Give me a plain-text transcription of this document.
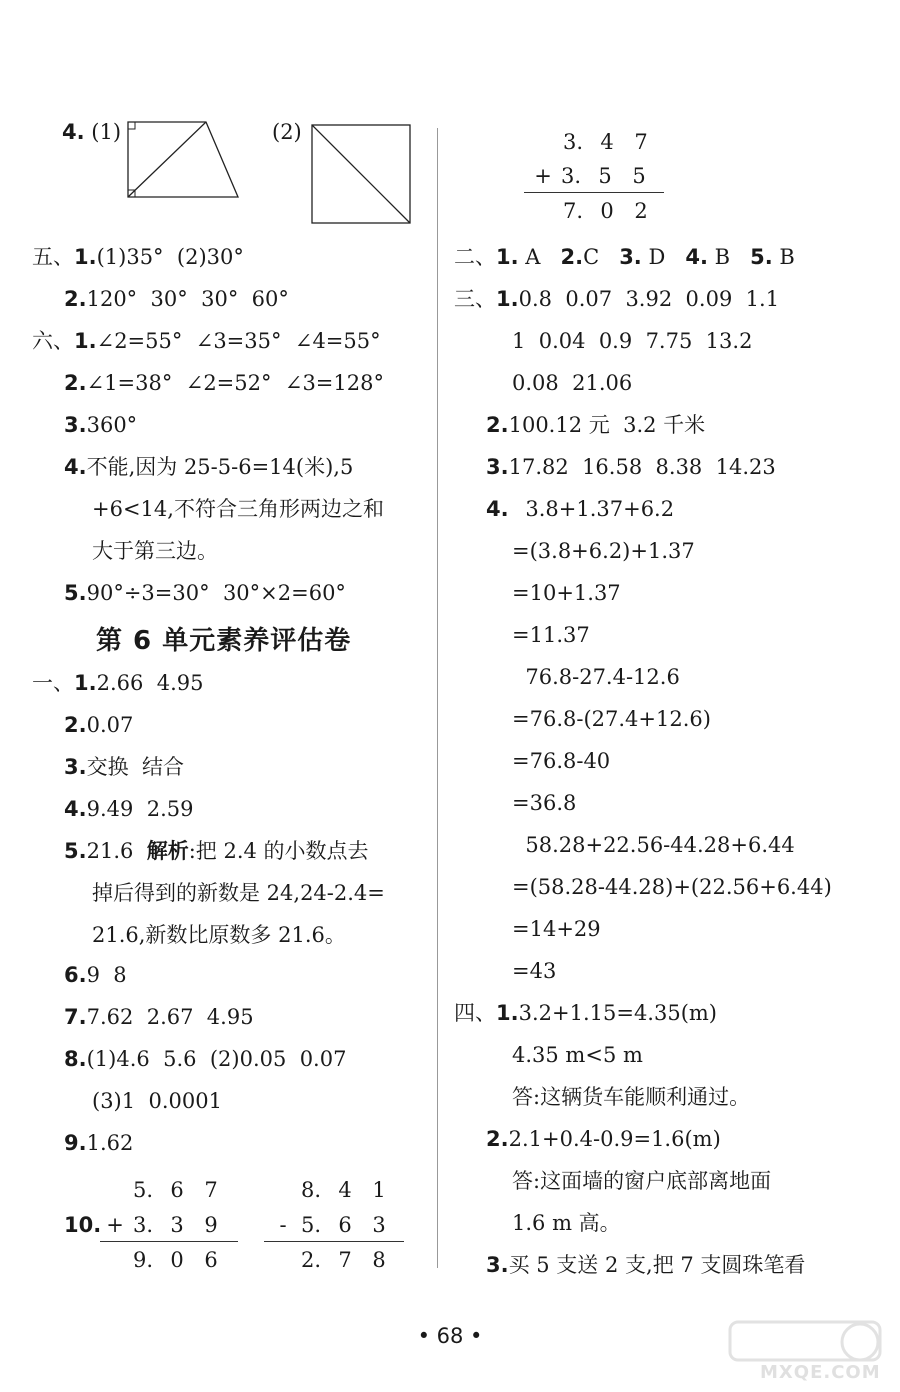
4. (1)	(2)
五、1.(1)35°  (2)30°
2.120°  30°  30°  60°
六、1.∠2=55°  ∠3=35°  ∠4=55°
2.∠1=38°  ∠2=52°  ∠3=128°
3.360°
4.不能,因为 25-5-6=14(米),5
+6<14,不符合三角形两边之和
大于第三边。
5.90°÷3=30°  30°×2=60°
第 6 单元素养评估卷
一、1.2.66  4.95
2.0.07
3.交换  结合
4.9.49  2.59
5.21.6  解析:把 2.4 的小数点去
掉后得到的新数是 24,24-2.4=
21.6,新数比原数多 21.6。
6.9  8
7.7.62  2.67  4.95
8.(1)4.6  5.6  (2)0.05  0.07
(3)1  0.0001
9.1.62
10.
5. 6 7
+ 3. 3 9
9. 0 6
8. 4 1
- 5. 6 3
2. 7 8
3. 4 7
+ 3. 5 5
7. 0 2
二、1. A 2.C 3. D 4. B 5. B
三、1.0.8  0.07  3.92  0.09  1.1
1  0.04  0.9  7.75  13.2
0.08  21.06
2.100.12 元  3.2 千米
3.17.82  16.58  8.38  14.23
4. 3.8+1.37+6.2
=(3.8+6.2)+1.37
=10+1.37
=11.37
76.8-27.4-12.6
=76.8-(27.4+12.6)
=76.8-40
=36.8
58.28+22.56-44.28+6.44
=(58.28-44.28)+(22.56+6.44)
=14+29
=43
四、1.3.2+1.15=4.35(m)
4.35 m<5 m
答:这辆货车能顺利通过。
2.2.1+0.4-0.9=1.6(m)
答:这面墙的窗户底部离地面
1.6 m 高。
3.买 5 支送 2 支,把 7 支圆珠笔看
• 68 •
MXQE.COM
